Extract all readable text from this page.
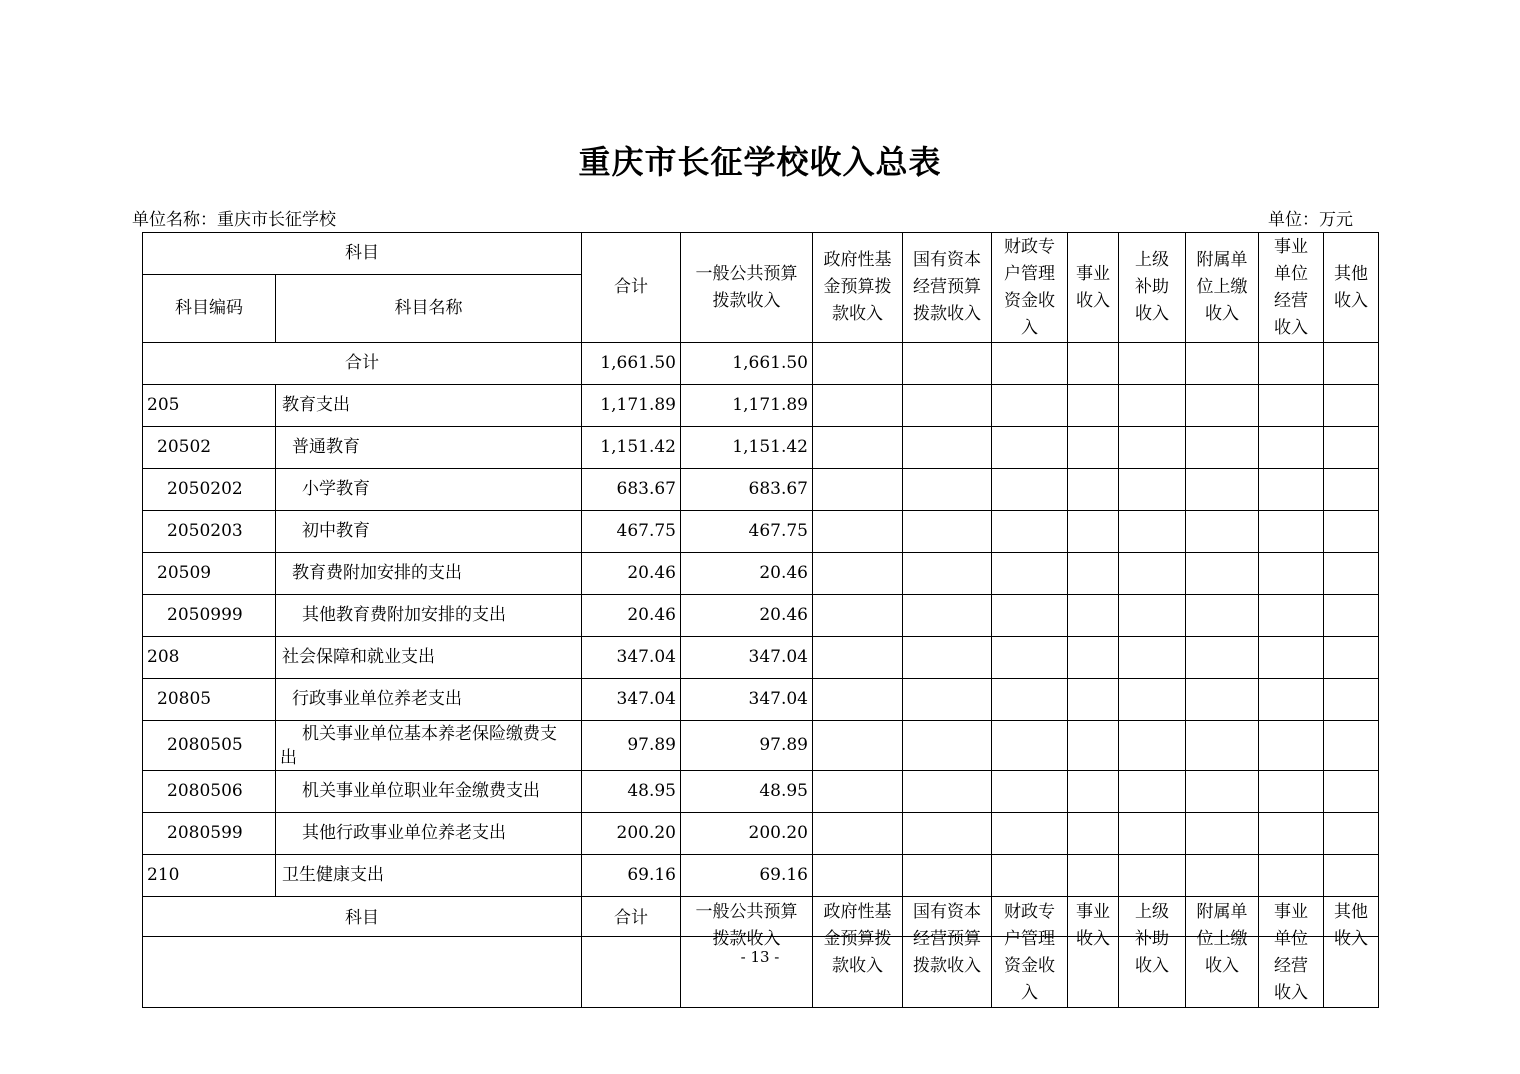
重庆市长征学校收入总表
单位名称：重庆市长征学校	单位：万元
科目		合计	一般公共预算拨款收入	政府性基金预算拨款收入	国有资本经营预算拨款收入	财政专户管理资金收入	事业收入	上级补助收入	附属单位上缴收入	事业单位经营收入	其他收入
科目编码	科目名称										
合计		1,661.50	1,661.50								
205	教育支出	1,171.89	1,171.89								
20502	普通教育	1,151.42	1,151.42								
2050202	小学教育	683.67	683.67								
2050203	初中教育	467.75	467.75								
20509	教育费附加安排的支出	20.46	20.46								
2050999	其他教育费附加安排的支出	20.46	20.46								
208	社会保障和就业支出	347.04	347.04								
20805	行政事业单位养老支出	347.04	347.04								
2080505	机关事业单位基本养老保险缴费支出	97.89	97.89								
2080506	机关事业单位职业年金缴费支出	48.95	48.95								
2080599	其他行政事业单位养老支出	200.20	200.20								
210	卫生健康支出	69.16	69.16								
科目		合计	一般公共预算拨款收入	政府性基金预算拨款收入	国有资本经营预算拨款收入	财政专户管理资金收入	事业收入	上级补助收入	附属单位上缴收入	事业单位经营收入	其他收入
- 13 -
